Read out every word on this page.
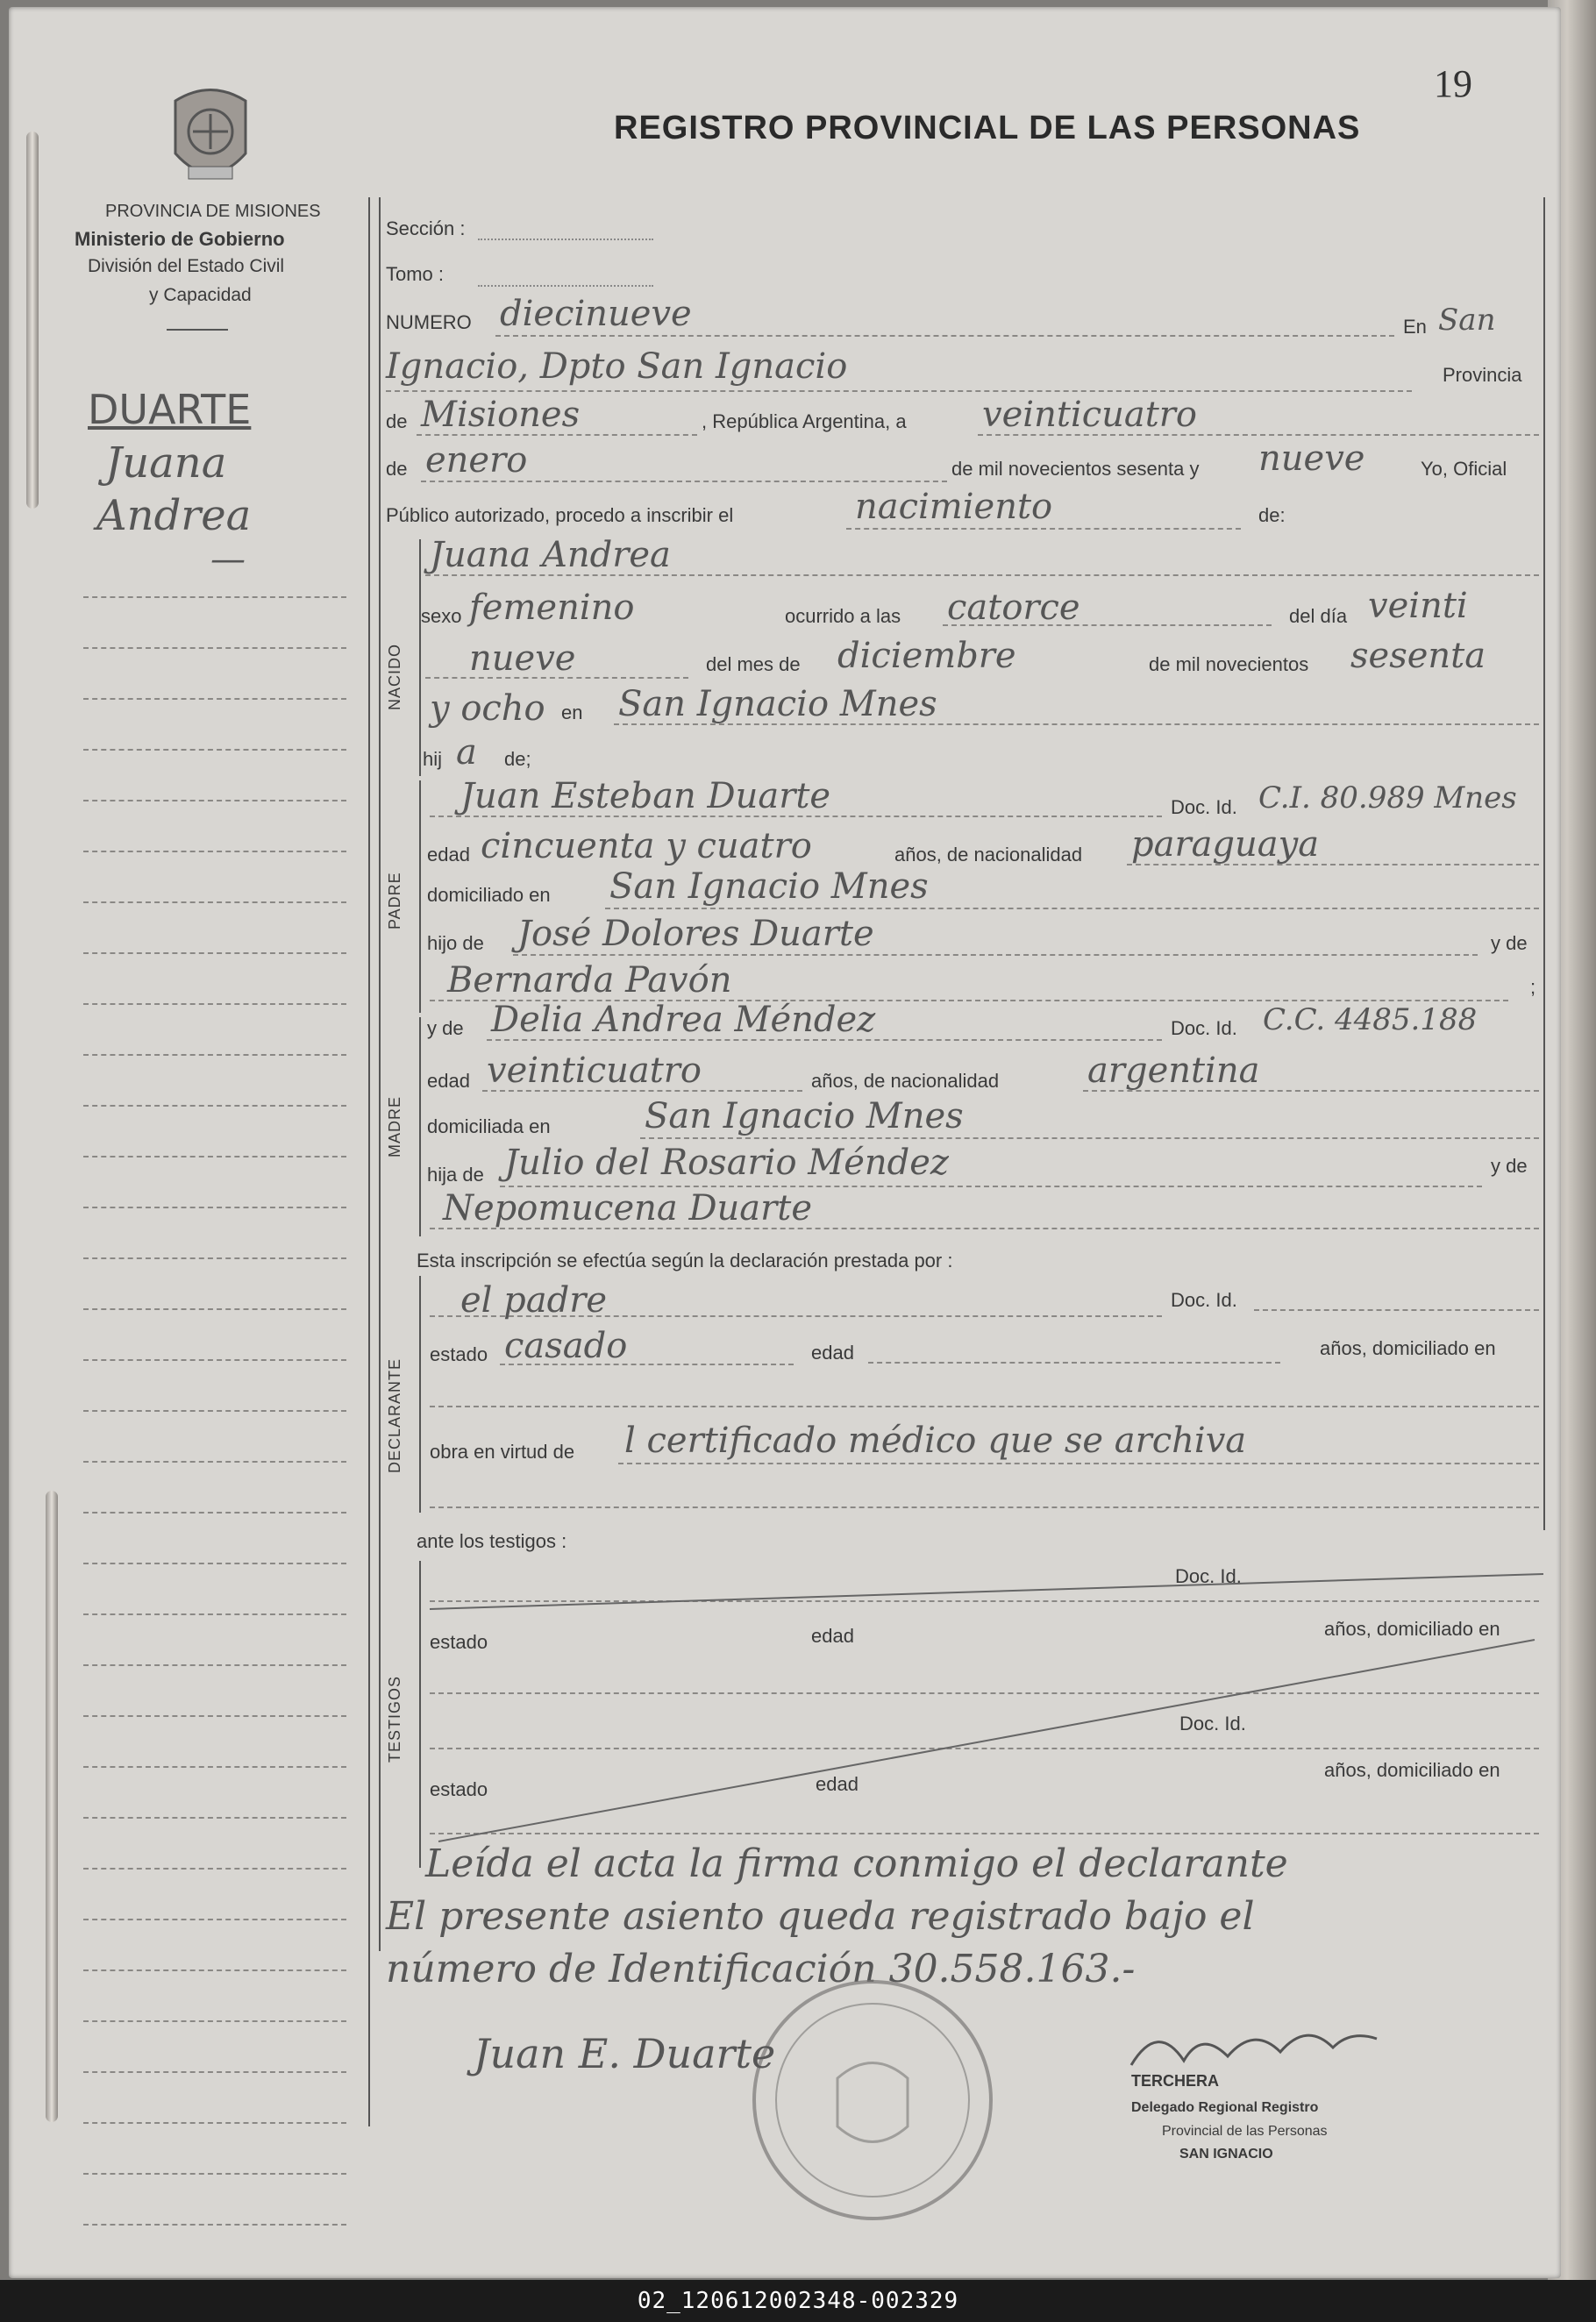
19
PROVINCIA DE MISIONES
Ministerio de Gobierno
División del Estado Civil
y Capacidad
REGISTRO PROVINCIAL DE LAS PERSONAS
DUARTE
Juana
Andrea
—
Sección :
Tomo :
NUMERO diecinueve	En San
Ignacio, Dpto San Ignacio	Provincia
de Misiones	, República Argentina, a veinticuatro
de enero	de mil novecientos sesenta y nueve	Yo, Oficial
Público autorizado, procedo a inscribir el	nacimiento	de:
NACIDO
Juana Andrea
sexo femenino	ocurrido a las catorce	del día veinti
nueve	del mes de diciembre	de mil novecientos sesenta
y ocho en San Ignacio Mnes
hij a de;
PADRE
Juan Esteban Duarte	Doc. Id. C.I. 80.989 Mnes
edad cincuenta y cuatro	años, de nacionalidad paraguaya
domiciliado en San Ignacio Mnes
hijo de José Dolores Duarte	y de
Bernarda Pavón	;
MADRE
y de Delia Andrea Méndez	Doc. Id. C.C. 4485.188
edad veinticuatro	años, de nacionalidad	argentina
domiciliada en	San Ignacio Mnes
hija de Julio del Rosario Méndez	y de
Nepomucena Duarte
Esta inscripción se efectúa según la declaración prestada por :
DECLARANTE
el padre	Doc. Id.
estado casado	edad	años, domiciliado en
obra en virtud de l certificado médico que se archiva
ante los testigos :
TESTIGOS
Doc. Id.
estado	edad	años, domiciliado en
Doc. Id.
estado	edad
años, domiciliado en
Leída el acta la firma conmigo el declarante
El presente asiento queda registrado bajo el
número de Identificación 30.558.163.-
Juan E. Duarte
TERCHERA
Delegado Regional Registro
Provincial de las Personas
SAN IGNACIO
02_120612002348-002329
